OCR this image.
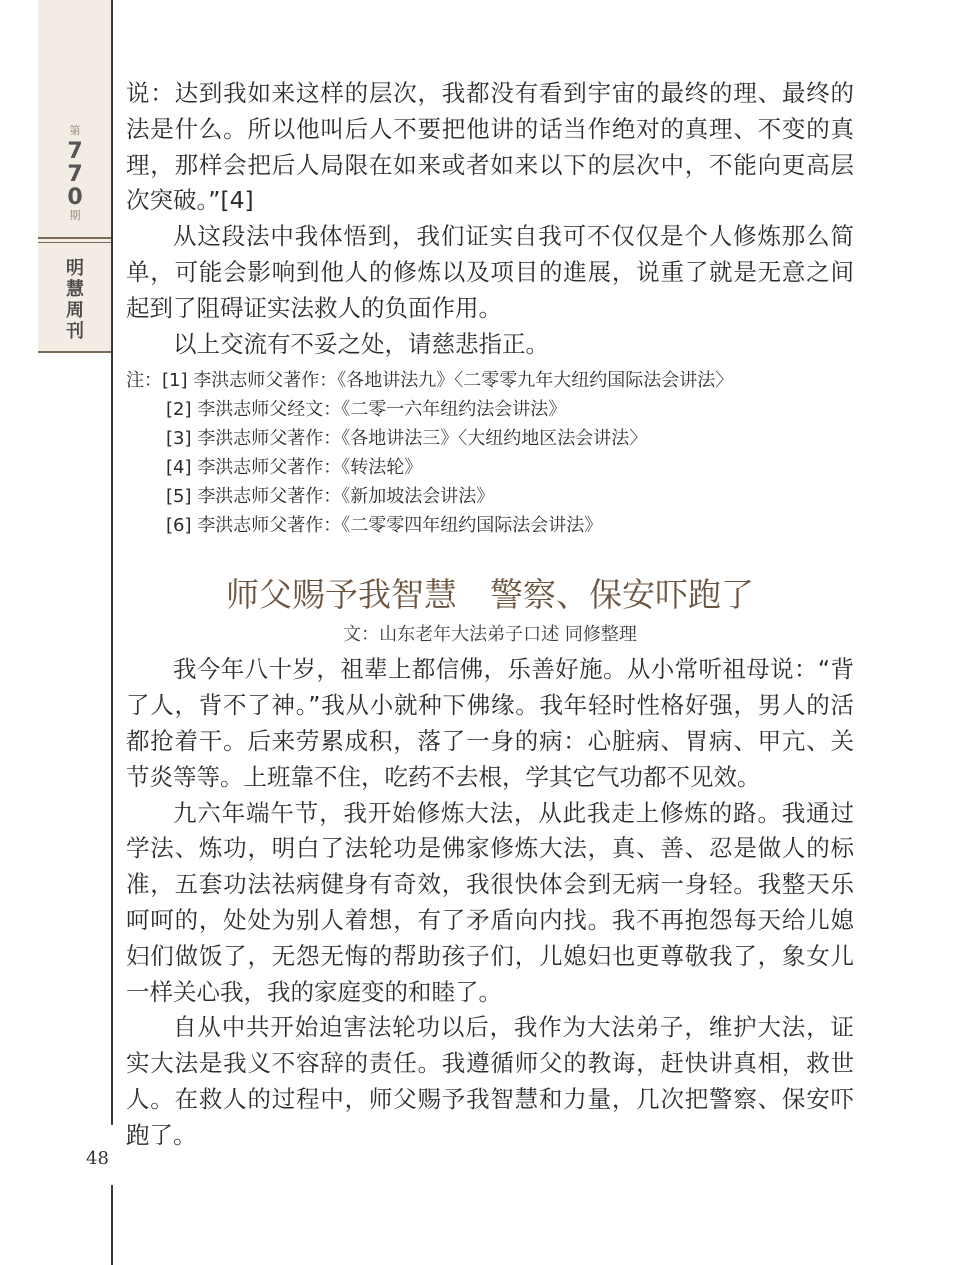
第
770
期
明慧周刊
48

说：达到我如来这样的层次，我都没有看到宇宙的最终的理、最终的法是什么。所以他叫后人不要把他讲的话当作绝对的真理、不变的真理，那样会把后人局限在如来或者如来以下的层次中，不能向更高层次突破。”[4]

从这段法中我体悟到，我们证实自我可不仅仅是个人修炼那么简单，可能会影响到他人的修炼以及项目的進展，说重了就是无意之间起到了阻碍证实法救人的负面作用。

以上交流有不妥之处，请慈悲指正。

注：[1] 李洪志师父著作：《各地讲法九》〈二零零九年大纽约国际法会讲法〉
[2] 李洪志师父经文：《二零一六年纽约法会讲法》
[3] 李洪志师父著作：《各地讲法三》〈大纽约地区法会讲法〉
[4] 李洪志师父著作：《转法轮》
[5] 李洪志师父著作：《新加坡法会讲法》
[6] 李洪志师父著作：《二零零四年纽约国际法会讲法》
师父赐予我智慧　警察、保安吓跑了
文：山东老年大法弟子口述 同修整理

我今年八十岁，祖辈上都信佛，乐善好施。从小常听祖母说：“背了人，背不了神。”我从小就种下佛缘。我年轻时性格好强，男人的活都抢着干。后来劳累成积，落了一身的病：心脏病、胃病、甲亢、关节炎等等。上班靠不住，吃药不去根，学其它气功都不见效。

九六年端午节，我开始修炼大法，从此我走上修炼的路。我通过学法、炼功，明白了法轮功是佛家修炼大法，真、善、忍是做人的标准，五套功法祛病健身有奇效，我很快体会到无病一身轻。我整天乐呵呵的，处处为别人着想，有了矛盾向内找。我不再抱怨每天给儿媳妇们做饭了，无怨无悔的帮助孩子们，儿媳妇也更尊敬我了，象女儿一样关心我，我的家庭变的和睦了。

自从中共开始迫害法轮功以后，我作为大法弟子，维护大法，证实大法是我义不容辞的责任。我遵循师父的教诲，赶快讲真相，救世人。在救人的过程中，师父赐予我智慧和力量，几次把警察、保安吓跑了。
